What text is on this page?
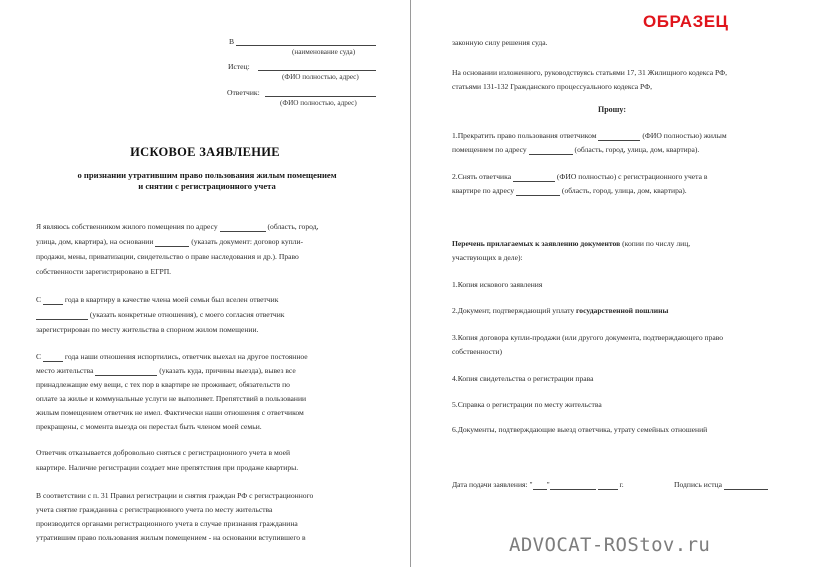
В
(наименование суда)
Истец:
(ФИО полностью, адрес)
Ответчик:
(ФИО полностью, адрес)
ИСКОВОЕ ЗАЯВЛЕНИЕ
о признании утратившим право пользования жилым помещением
и снятии с регистрационного учета
Я являюсь собственником жилого помещения по адресу	(область, город,
улица, дом, квартира), на основании	(указать документ: договор купли-
продажи, мены, приватизации, свидетельство о праве наследования и др.). Право
собственности зарегистрировано в ЕГРП.
С	года в квартиру в качестве члена моей семьи был вселен ответчик
(указать конкретные отношения), с моего согласия ответчик
зарегистрирован по месту жительства в спорном жилом помещении.
С	года наши отношения испортились, ответчик выехал на другое постоянное
место жительства	(указать куда, причины выезда), вывез все
принадлежащие ему вещи, с тех пор в квартире не проживает, обязательств по
оплате за жилье и коммунальные услуги не выполняет. Препятствий в пользовании
жилым помещением ответчик не имел. Фактически наши отношения с ответчиком
прекращены, с момента выезда он перестал быть членом моей семьи.
Ответчик отказывается добровольно сняться с регистрационного учета в моей
квартире. Наличие регистрации создает мне препятствия при продаже квартиры.
В соответствии с п. 31 Правил регистрации и снятия граждан РФ с регистрационного
учета снятие гражданина с регистрационного учета по месту жительства
производится органами регистрационного учета в случае признания гражданина
утратившим право пользования жилым помещением - на основании вступившего в
законную силу решения суда.
На основании изложенного, руководствуясь статьями 17, 31 Жилищного кодекса РФ,
статьями 131-132 Гражданского процессуального кодекса РФ,
Прошу:
1.Прекратить право пользования ответчиком	(ФИО полностью) жилым
помещением по адресу	(область, город, улица, дом, квартира).
2.Снять ответчика	(ФИО полностью) с регистрационного учета в
квартире по адресу	(область, город, улица, дом, квартира).
Перечень прилагаемых к заявлению документов (копии по числу лиц,
участвующих в деле):
1.Копия искового заявления
2.Документ, подтверждающий уплату государственной пошлины
3.Копия договора купли-продажи (или другого документа, подтверждающего право
собственности)
4.Копия свидетельства о регистрации права
5.Справка о регистрации по месту жительства
6.Документы, подтверждающие выезд ответчика, утрату семейных отношений
Дата подачи заявления: " "	г.	Подпись истца
ОБРАЗЕЦ
ADVOCAT-ROStov.ru
